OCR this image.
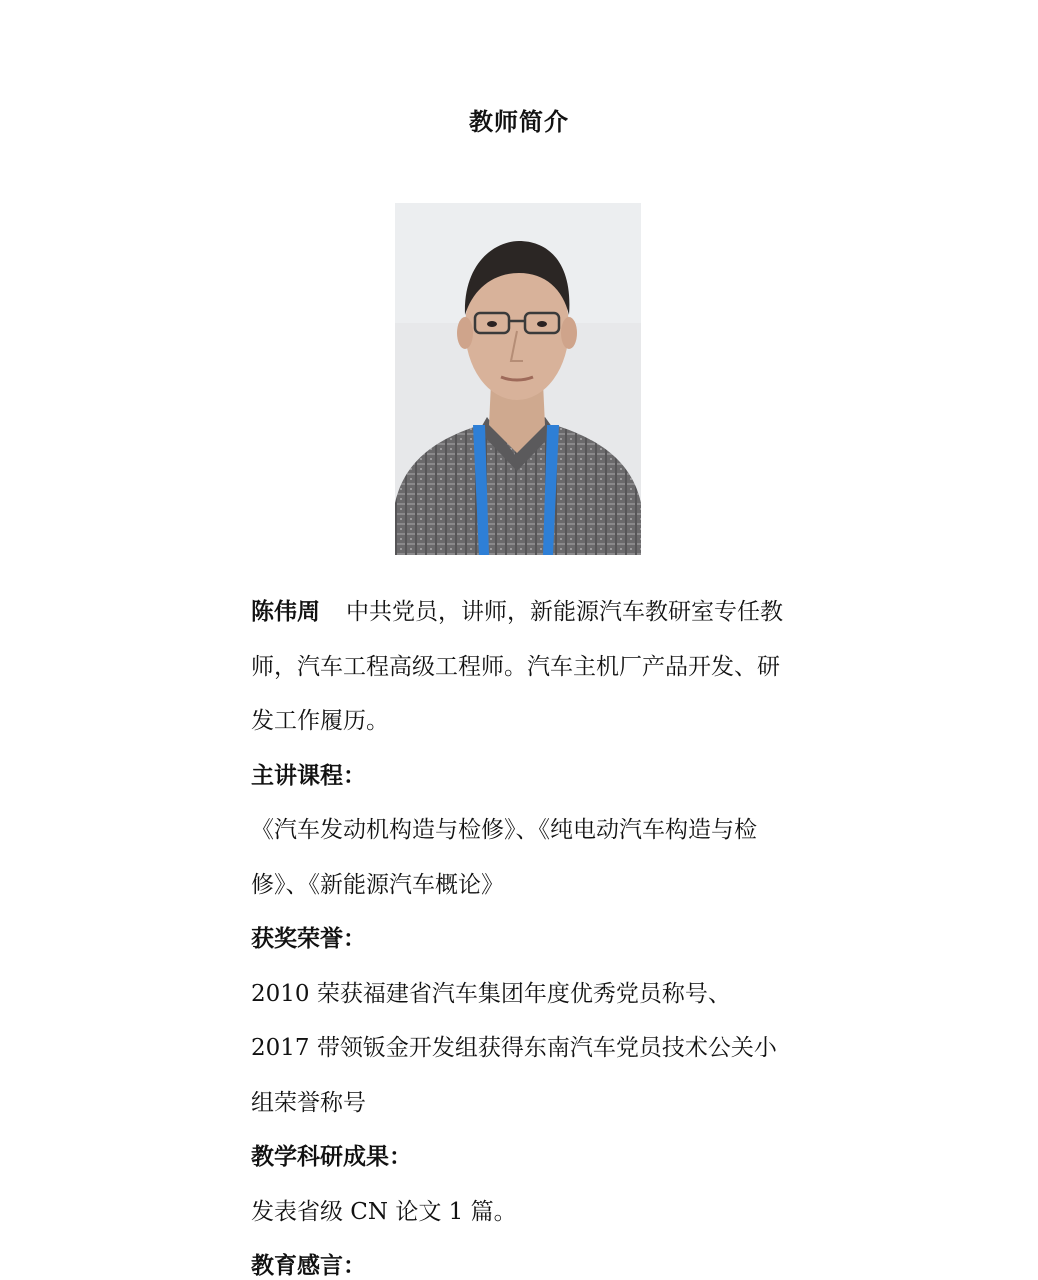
教师简介

陈伟周 中共党员，讲师，新能源汽车教研室专任教师，汽车工程高级工程师。汽车主机厂产品开发、研发工作履历。

主讲课程：

《汽车发动机构造与检修》、《纯电动汽车构造与检修》、《新能源汽车概论》

获奖荣誉：

2010 荣获福建省汽车集团年度优秀党员称号、

2017 带领钣金开发组获得东南汽车党员技术公关小组荣誉称号

教学科研成果：

发表省级 CN 论文 1 篇。

教育感言：
